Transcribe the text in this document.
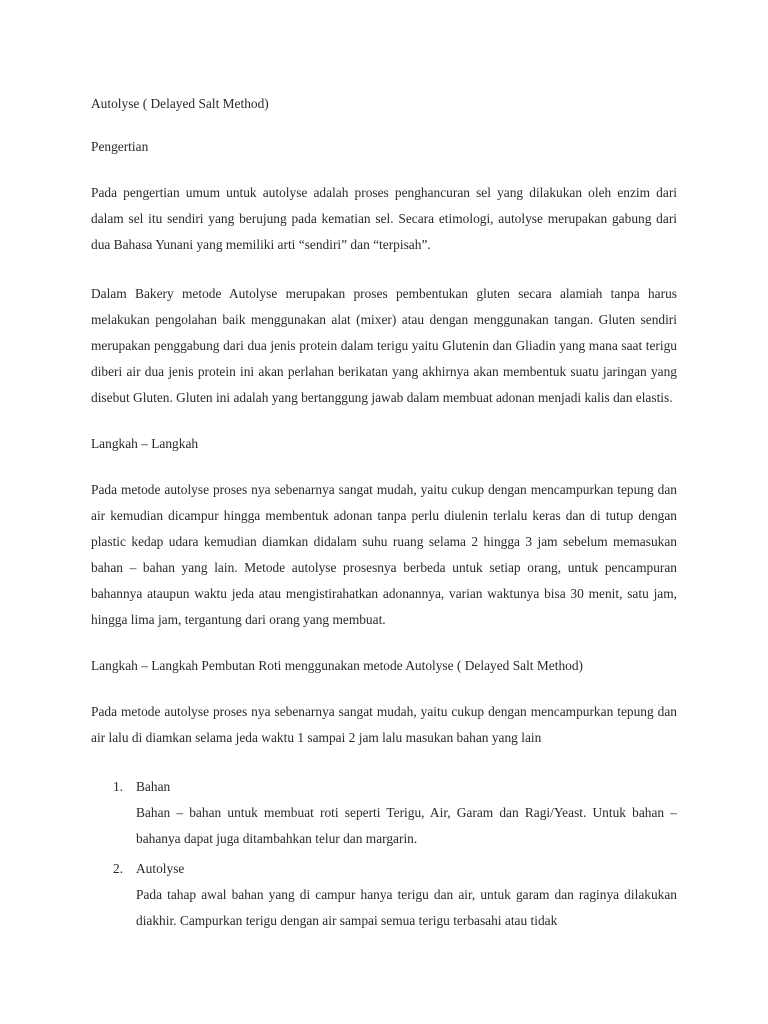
Autolyse ( Delayed Salt Method)

Pengertian

Pada pengertian umum untuk autolyse adalah proses penghancuran sel yang dilakukan oleh enzim dari dalam sel itu sendiri yang berujung pada kematian sel. Secara etimologi, autolyse merupakan gabung dari dua Bahasa Yunani yang memiliki arti “sendiri” dan “terpisah”.

Dalam Bakery metode Autolyse merupakan proses pembentukan gluten secara alamiah tanpa harus melakukan pengolahan baik menggunakan alat (mixer) atau dengan menggunakan tangan. Gluten sendiri merupakan penggabung dari dua jenis protein dalam terigu yaitu Glutenin dan Gliadin yang mana saat terigu diberi air dua jenis protein ini akan perlahan berikatan yang akhirnya akan membentuk suatu jaringan yang disebut Gluten. Gluten ini adalah yang bertanggung jawab dalam membuat adonan menjadi kalis dan elastis.

Langkah – Langkah

Pada metode autolyse proses nya sebenarnya sangat mudah, yaitu cukup dengan mencampurkan tepung dan air kemudian dicampur hingga membentuk adonan tanpa perlu diulenin terlalu keras dan di tutup dengan plastic kedap udara kemudian diamkan didalam suhu ruang selama 2 hingga 3 jam sebelum memasukan bahan – bahan yang lain. Metode autolyse prosesnya berbeda untuk setiap orang, untuk pencampuran bahannya ataupun waktu jeda atau mengistirahatkan adonannya, varian waktunya bisa 30 menit, satu jam, hingga lima jam, tergantung dari orang yang membuat.

Langkah – Langkah Pembutan Roti menggunakan metode Autolyse ( Delayed Salt Method)

Pada metode autolyse proses nya sebenarnya sangat mudah, yaitu cukup dengan mencampurkan tepung dan air lalu di diamkan selama jeda waktu 1 sampai 2 jam lalu masukan bahan yang lain

1. Bahan

Bahan – bahan untuk membuat roti seperti Terigu, Air, Garam dan Ragi/Yeast. Untuk bahan – bahanya dapat juga ditambahkan telur dan margarin.

2. Autolyse

Pada tahap awal bahan yang di campur hanya terigu dan air, untuk garam dan raginya dilakukan diakhir. Campurkan terigu dengan air sampai semua terigu terbasahi atau tidak
